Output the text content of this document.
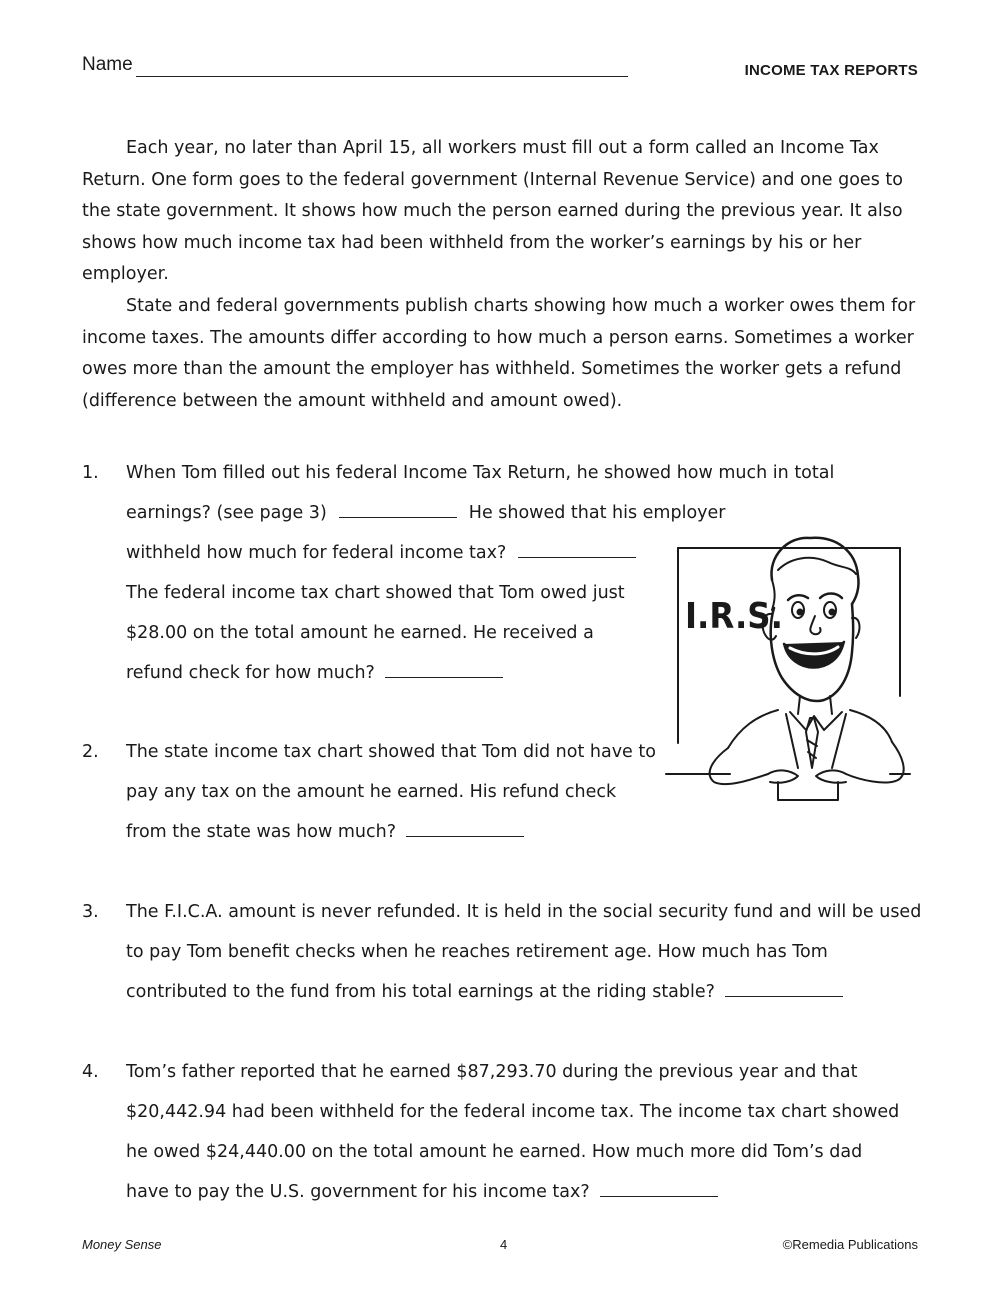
Name	INCOME TAX REPORTS

Each year, no later than April 15, all workers must fill out a form called an Income Tax Return. One form goes to the federal government (Internal Revenue Service) and one goes to the state government. It shows how much the person earned during the previous year. It also shows how much income tax had been withheld from the worker’s earnings by his or her employer.

State and federal governments publish charts showing how much a worker owes them for income taxes. The amounts differ according to how much a person earns. Sometimes a worker owes more than the amount the employer has withheld. Sometimes the worker gets a refund (difference between the amount withheld and amount owed).

1. When Tom filled out his federal Income Tax Return, he showed how much in total
earnings? (see page 3)	He showed that his employer
withheld how much for federal income tax?
The federal income tax chart showed that Tom owed just
$28.00 on the total amount he earned. He received a
refund check for how much?
2. The state income tax chart showed that Tom did not have to
pay any tax on the amount he earned. His refund check
from the state was how much?
3. The F.I.C.A. amount is never refunded. It is held in the social security fund and will be used
to pay Tom benefit checks when he reaches retirement age. How much has Tom
contributed to the fund from his total earnings at the riding stable?
4. Tom’s father reported that he earned $87,293.70 during the previous year and that
$20,442.94 had been withheld for the federal income tax. The income tax chart showed
he owed $24,440.00 on the total amount he earned. How much more did Tom’s dad
have to pay the U.S. government for his income tax?
I.R.S.
Money Sense	4	©Remedia Publications
